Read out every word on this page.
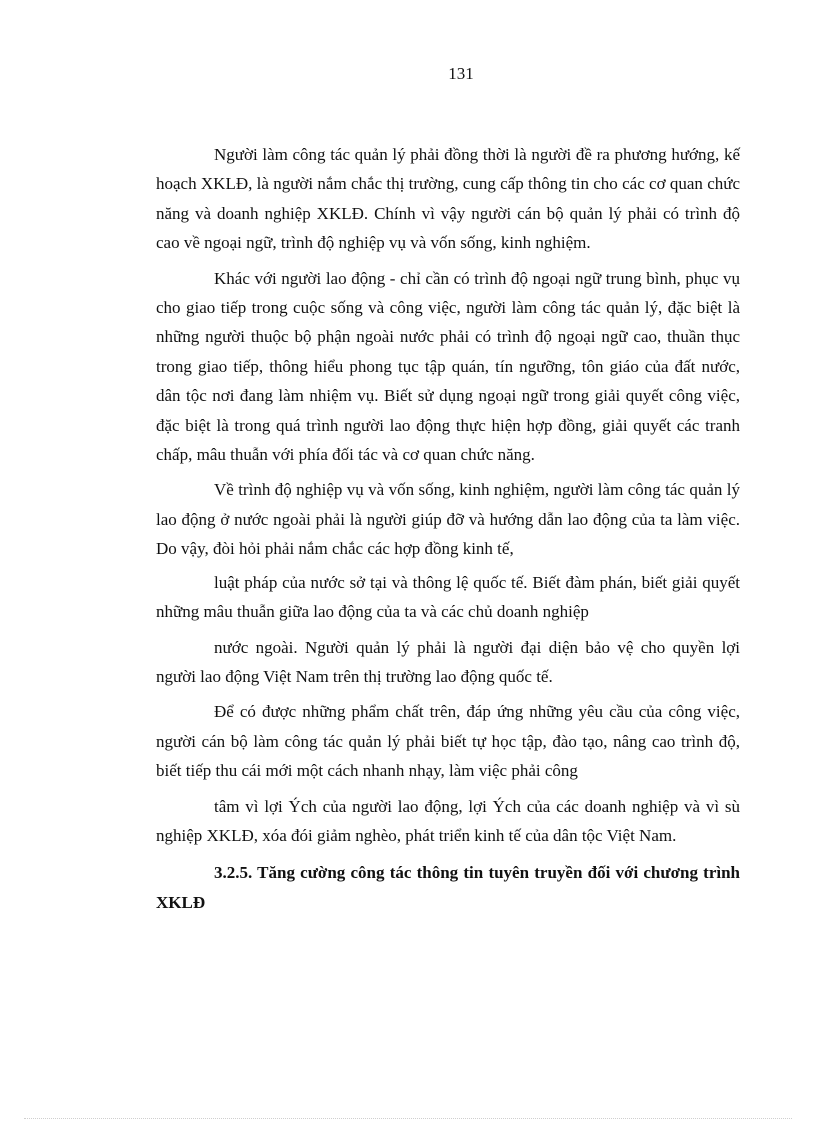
131

Người làm công tác quản lý phải đồng thời là người đề ra phương hướng, kế hoạch XKLĐ, là người nắm chắc thị trường, cung cấp thông tin cho các cơ quan chức năng và doanh nghiệp XKLĐ. Chính vì vậy người cán bộ quản lý phải có trình độ cao về ngoại ngữ, trình độ nghiệp vụ và vốn sống, kinh nghiệm.

Khác với người lao động - chỉ cần có trình độ ngoại ngữ trung bình, phục vụ cho giao tiếp trong cuộc sống và công việc, người làm công tác quản lý, đặc biệt là những người thuộc bộ phận ngoài nước phải có trình độ ngoại ngữ cao, thuần thục trong giao tiếp, thông hiểu phong tục tập quán, tín ngưỡng, tôn giáo của đất nước, dân tộc nơi đang làm nhiệm vụ. Biết sử dụng ngoại ngữ trong giải quyết công việc, đặc biệt là trong quá trình người lao động thực hiện hợp đồng, giải quyết các tranh chấp, mâu thuẫn với phía đối tác và cơ quan chức năng.

Về trình độ nghiệp vụ và vốn sống, kinh nghiệm, người làm công tác quản lý lao động ở nước ngoài phải là người giúp đỡ và hướng dẫn lao động của ta làm việc. Do vậy, đòi hỏi phải nắm chắc các hợp đồng kinh tế,

luật pháp của nước sở tại và thông lệ quốc tế. Biết đàm phán, biết giải quyết những mâu thuẫn giữa lao động của ta và các chủ doanh nghiệp

nước ngoài. Người quản lý phải là người đại diện bảo vệ cho quyền lợi người lao động Việt Nam trên thị trường lao động quốc tế.

Để có được những phẩm chất trên, đáp ứng những yêu cầu của công việc, người cán bộ làm công tác quản lý phải biết tự học tập, đào tạo, nâng cao trình độ, biết tiếp thu cái mới một cách nhanh nhạy, làm việc phải công

tâm vì lợi Ých của người lao động, lợi Ých của các doanh nghiệp và vì sù nghiệp XKLĐ, xóa đói giảm nghèo, phát triển kinh tế của dân tộc Việt Nam.

3.2.5. Tăng cường công tác thông tin tuyên truyền đối với chương trình XKLĐ
